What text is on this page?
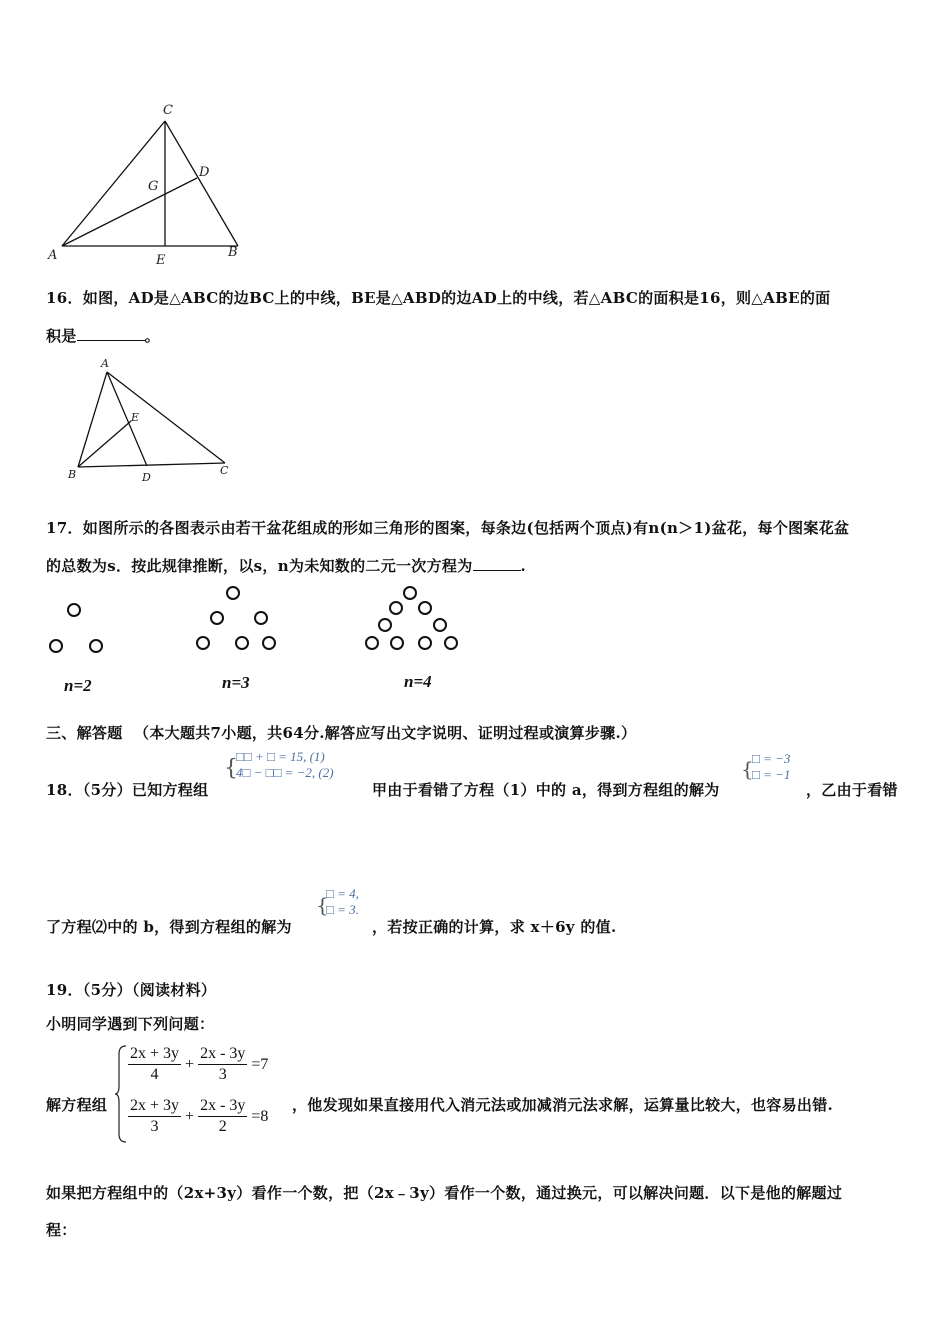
C
D
G
A	E
B
16．如图，AD是△ABC的边BC上的中线，BE是△ABD的边AD上的中线，若△ABC的面积是16，则△ABE的面
积是	。
A
E
B	D
C
17．如图所示的各图表示由若干盆花组成的形如三角形的图案，每条边(包括两个顶点)有n(n＞1)盆花，每个图案花盆
的总数为s．按此规律推断，以s，n为未知数的二元一次方程为	.
n=2	n=3	n=4
三、解答题 （本大题共7小题，共64分.解答应写出文字说明、证明过程或演算步骤.）
18．（5分）已知方程组
{
□□ + □ = 15, (1)
4□ − □□ = −2, (2)
甲由于看错了方程（1）中的 a，得到方程组的解为
{
□ = −3
□ = −1
，乙由于看错
了方程⑵中的 b，得到方程组的解为
{
□ = 4,
□ = 3.
，若按正确的计算，求 x＋6y 的值.
19．（5分）（阅读材料）
小明同学遇到下列问题：
解方程组
$\frac{2x + 3y}{4} + \frac{2x - 3y}{3} =7$
$\frac{2x + 3y}{3} + \frac{2x - 3y}{2} =8$
，他发现如果直接用代入消元法或加减消元法求解，运算量比较大，也容易出错.
如果把方程组中的（2x+3y）看作一个数，把（2x﹣3y）看作一个数，通过换元，可以解决问题．以下是他的解题过
程：
